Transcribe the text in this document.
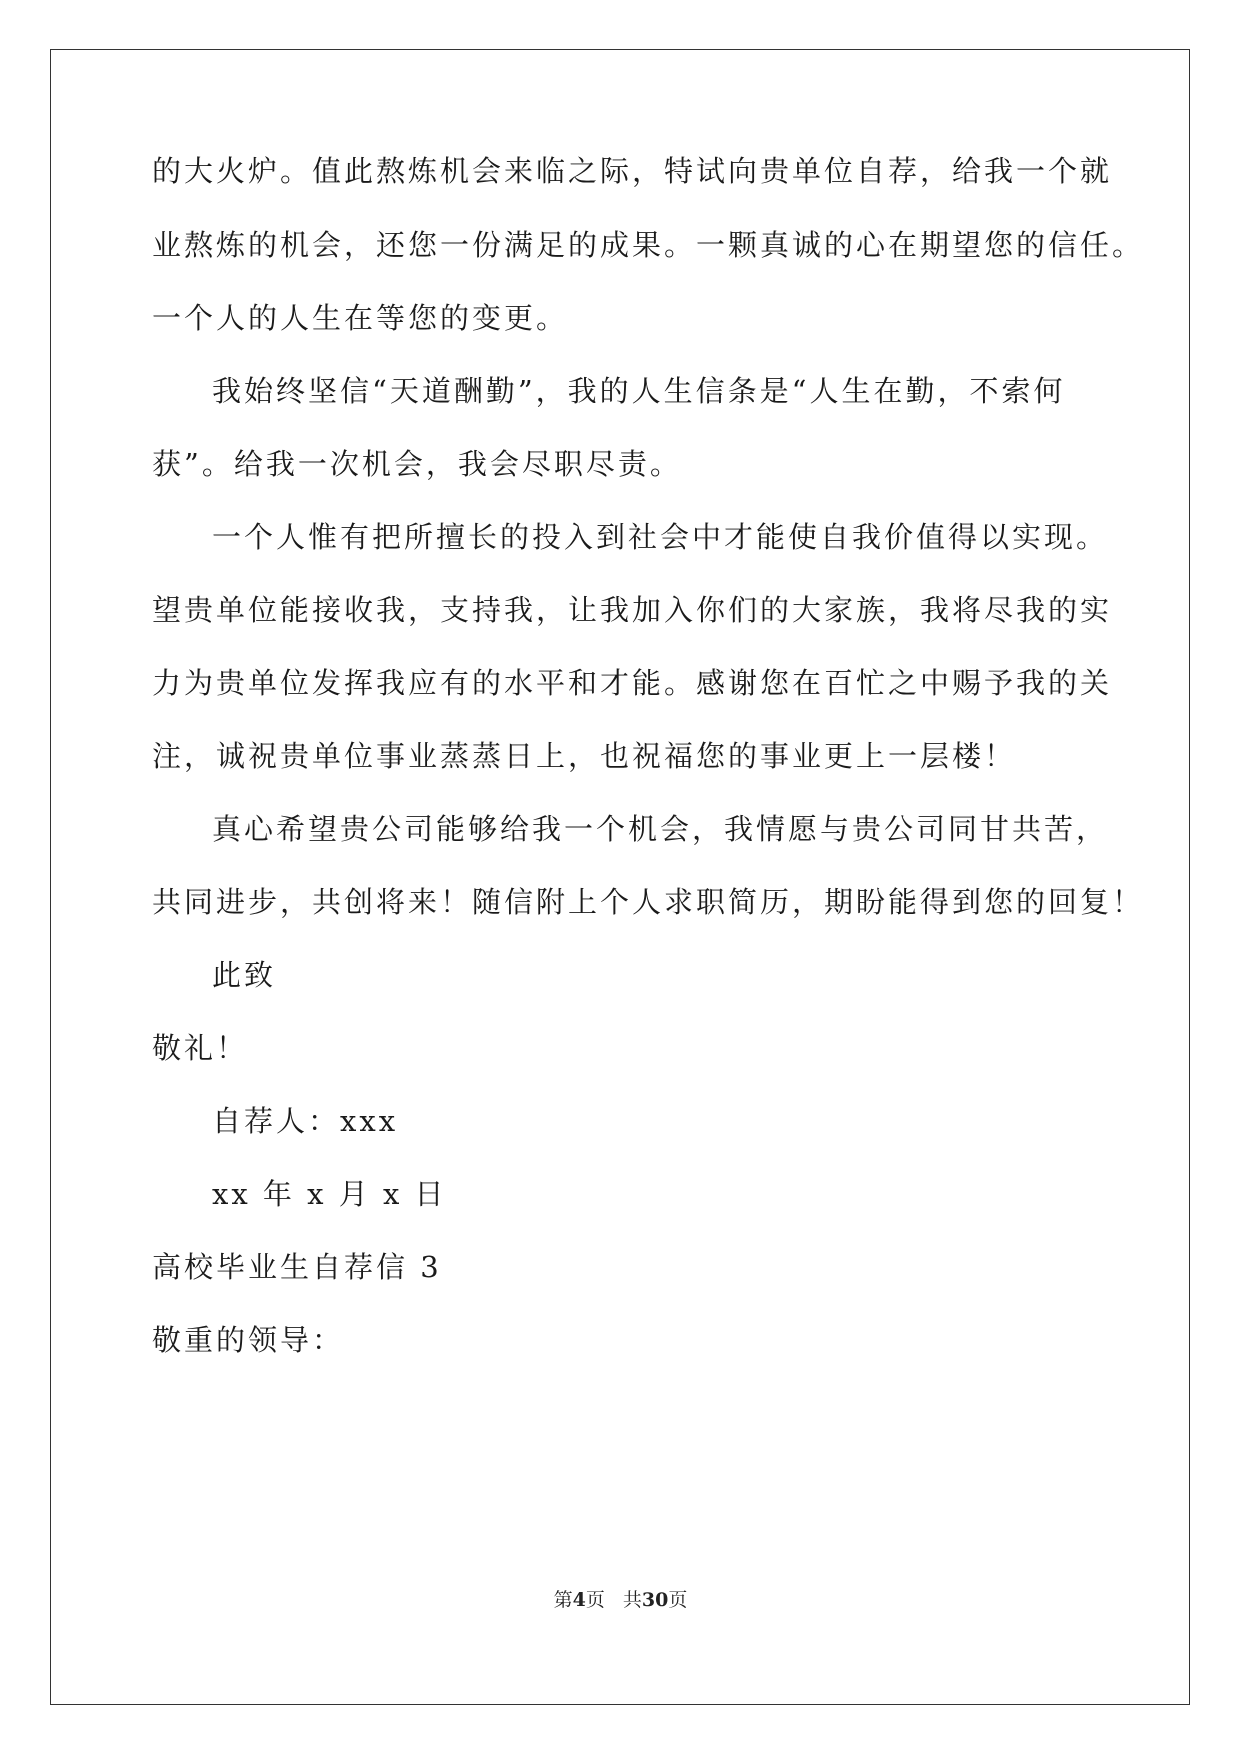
的大火炉。值此熬炼机会来临之际，特试向贵单位自荐，给我一个就
业熬炼的机会，还您一份满足的成果。一颗真诚的心在期望您的信任。
一个人的人生在等您的变更。
我始终坚信“天道酬勤”，我的人生信条是“人生在勤，不索何
获”。给我一次机会，我会尽职尽责。
一个人惟有把所擅长的投入到社会中才能使自我价值得以实现。
望贵单位能接收我，支持我，让我加入你们的大家族，我将尽我的实
力为贵单位发挥我应有的水平和才能。感谢您在百忙之中赐予我的关
注，诚祝贵单位事业蒸蒸日上，也祝福您的事业更上一层楼！
真心希望贵公司能够给我一个机会，我情愿与贵公司同甘共苦，
共同进步，共创将来！随信附上个人求职简历，期盼能得到您的回复！
此致
敬礼！
自荐人：xxx
xx 年 x 月 x 日
高校毕业生自荐信 3
敬重的领导：
第4页 共30页
